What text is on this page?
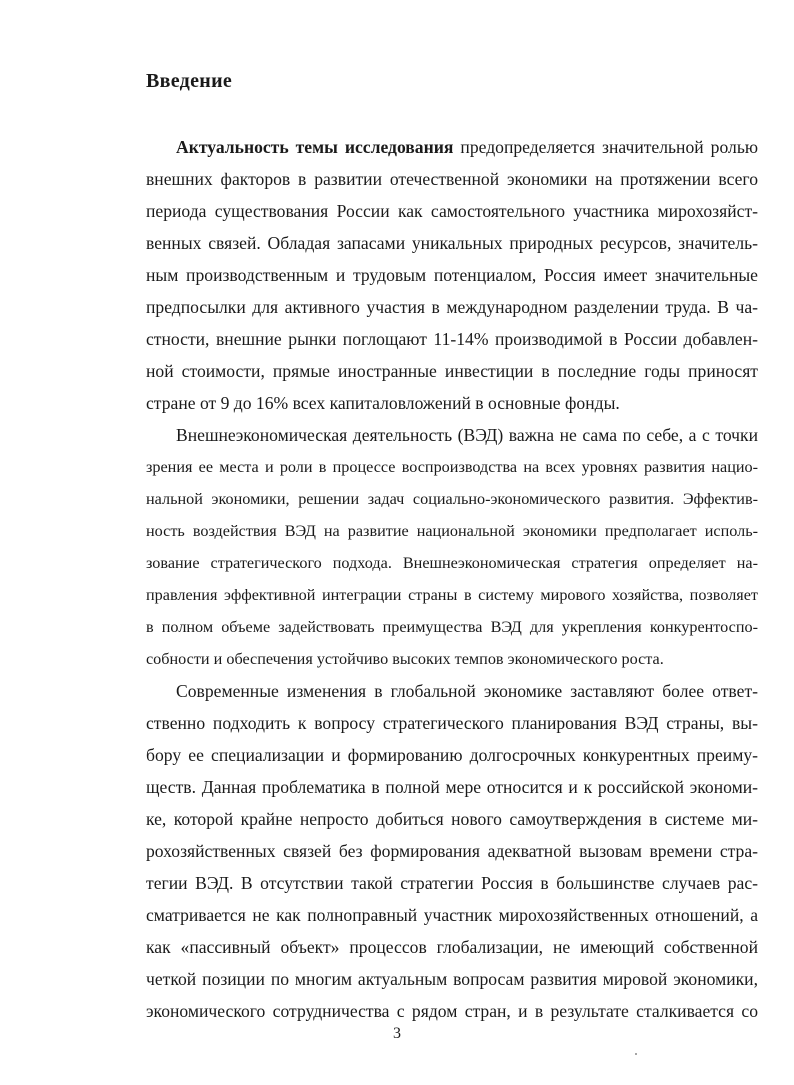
Введение
Актуальность темы исследования предопределяется значительной ролью
внешних факторов в развитии отечественной экономики на протяжении всего
периода существования России как самостоятельного участника мирохозяйст-
венных связей. Обладая запасами уникальных природных ресурсов, значитель-
ным производственным и трудовым потенциалом, Россия имеет значительные
предпосылки для активного участия в международном разделении труда. В ча-
стности, внешние рынки поглощают 11-14% производимой в России добавлен-
ной стоимости, прямые иностранные инвестиции в последние годы приносят
стране от 9 до 16% всех капиталовложений в основные фонды.
Внешнеэкономическая деятельность (ВЭД) важна не сама по себе, а с точки
зрения ее места и роли в процессе воспроизводства на всех уровнях развития нацио-
нальной экономики, решении задач социально-экономического развития. Эффектив-
ность воздействия ВЭД на развитие национальной экономики предполагает исполь-
зование стратегического подхода. Внешнеэкономическая стратегия определяет на-
правления эффективной интеграции страны в систему мирового хозяйства, позволяет
в полном объеме задействовать преимущества ВЭД для укрепления конкурентоспо-
собности и обеспечения устойчиво высоких темпов экономического роста.
Современные изменения в глобальной экономике заставляют более ответ-
ственно подходить к вопросу стратегического планирования ВЭД страны, вы-
бору ее специализации и формированию долгосрочных конкурентных преиму-
ществ. Данная проблематика в полной мере относится и к российской экономи-
ке, которой крайне непросто добиться нового самоутверждения в системе ми-
рохозяйственных связей без формирования адекватной вызовам времени стра-
тегии ВЭД. В отсутствии такой стратегии Россия в большинстве случаев рас-
сматривается не как полноправный участник мирохозяйственных отношений, а
как «пассивный объект» процессов глобализации, не имеющий собственной
четкой позиции по многим актуальным вопросам развития мировой экономики,
экономического сотрудничества с рядом стран, и в результате сталкивается со
3
